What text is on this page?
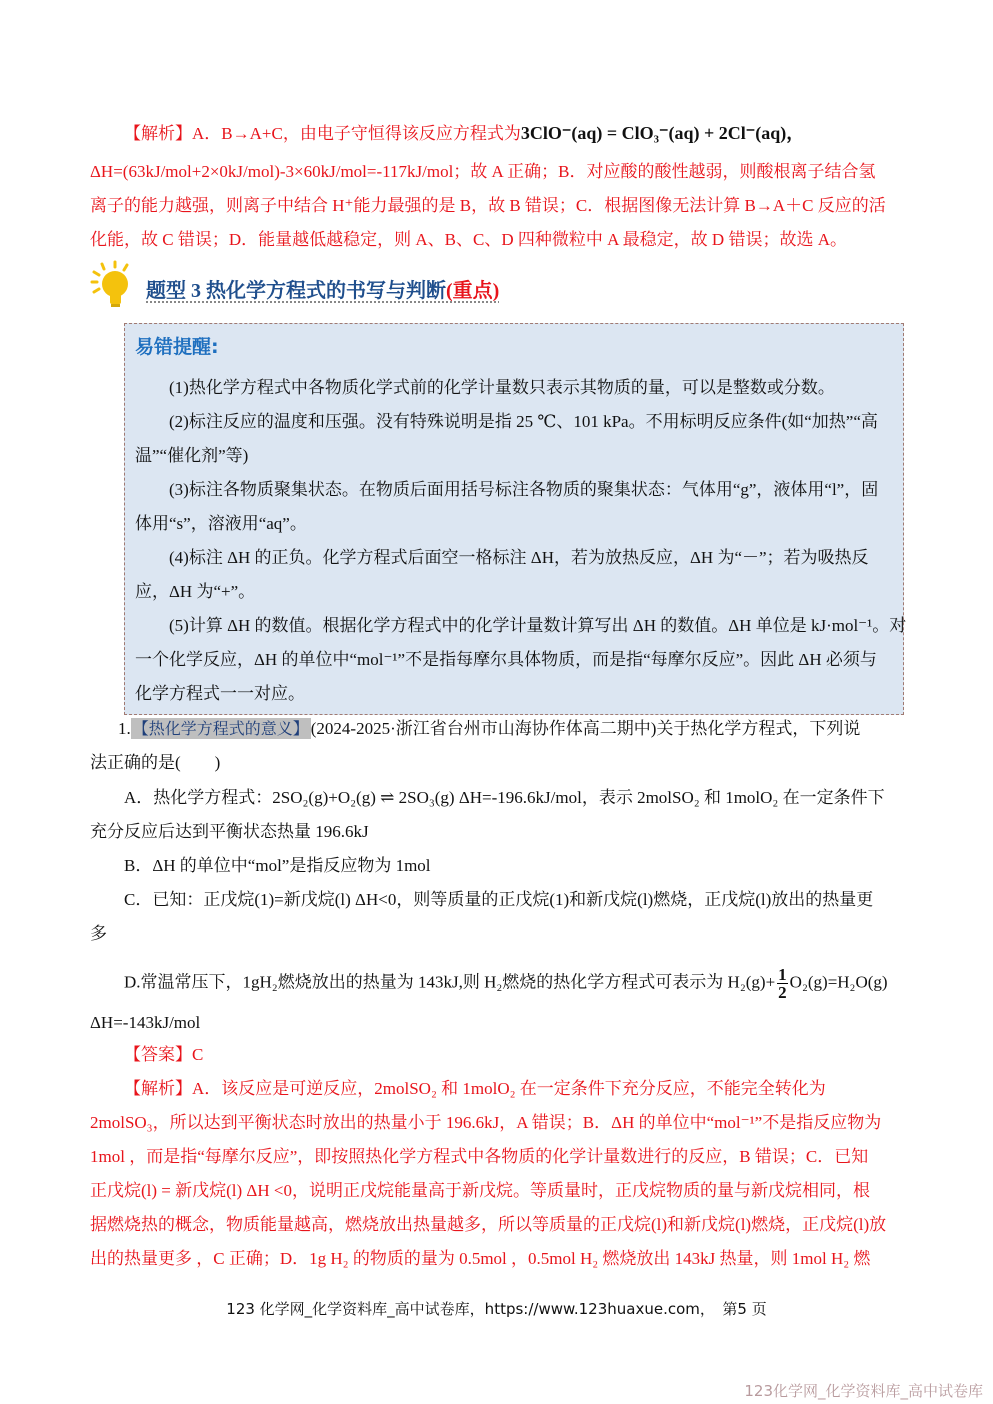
【解析】A．B→A+C，由电子守恒得该反应方程式为3ClO⁻(aq) = ClO₃⁻(aq) + 2Cl⁻(aq)，
ΔH=(63kJ/mol+2×0kJ/mol)-3×60kJ/mol=-117kJ/mol；故 A 正确；B．对应酸的酸性越弱，则酸根离子结合氢
离子的能力越强，则离子中结合 H⁺能力最强的是 B，故 B 错误；C．根据图像无法计算 B→A＋C 反应的活
化能，故 C 错误；D．能量越低越稳定，则 A、B、C、D 四种微粒中 A 最稳定，故 D 错误；故选 A。
题型 3 热化学方程式的书写与判断(重点)
易错提醒:
(1)热化学方程式中各物质化学式前的化学计量数只表示其物质的量，可以是整数或分数。
(2)标注反应的温度和压强。没有特殊说明是指 25 ℃、101 kPa。不用标明反应条件(如“加热”“高
温”“催化剂”等)
(3)标注各物质聚集状态。在物质后面用括号标注各物质的聚集状态：气体用“g”，液体用“l”，固
体用“s”，溶液用“aq”。
(4)标注 ΔH 的正负。化学方程式后面空一格标注 ΔH，若为放热反应，ΔH 为“－”；若为吸热反
应，ΔH 为“+”。
(5)计算 ΔH 的数值。根据化学方程式中的化学计量数计算写出 ΔH 的数值。ΔH 单位是 kJ·mol⁻¹。对
一个化学反应，ΔH 的单位中“mol⁻¹”不是指每摩尔具体物质，而是指“每摩尔反应”。因此 ΔH 必须与
化学方程式一一对应。
1. 【热化学方程式的意义】 (2024-2025·浙江省台州市山海协作体高二期中)关于热化学方程式，下列说
法正确的是(　　)
A．热化学方程式：2SO₂(g)+O₂(g) ⇌ 2SO₃(g) ΔH=-196.6kJ/mol，表示 2molSO₂ 和 1molO₂ 在一定条件下
充分反应后达到平衡状态热量 196.6kJ
B．ΔH 的单位中“mol”是指反应物为 1mol
C．已知：正戊烷(1)=新戊烷(l) ΔH<0，则等质量的正戊烷(1)和新戊烷(l)燃烧，正戊烷(l)放出的热量更
多
D.常温常压下，1gH₂燃烧放出的热量为 143kJ,则 H₂燃烧的热化学方程式可表示为 $H_2(g)+ \frac{1}{2} O_2(g)=H_2O(g)$
ΔH=-143kJ/mol
【答案】C
【解析】A．该反应是可逆反应，2molSO₂ 和 1molO₂ 在一定条件下充分反应，不能完全转化为
2molSO₃，所以达到平衡状态时放出的热量小于 196.6kJ，A 错误；B．ΔH 的单位中“mol⁻¹”不是指反应物为
1mol ，而是指“每摩尔反应”，即按照热化学方程式中各物质的化学计量数进行的反应，B 错误；C．已知
正戊烷(l) = 新戊烷(l) ΔH <0，说明正戊烷能量高于新戊烷。等质量时，正戊烷物质的量与新戊烷相同，根
据燃烧热的概念，物质能量越高，燃烧放出热量越多，所以等质量的正戊烷(l)和新戊烷(l)燃烧，正戊烷(l)放
出的热量更多 ，C 正确；D．1g H₂ 的物质的量为 0.5mol ，0.5mol H₂ 燃烧放出 143kJ 热量，则 1mol H₂ 燃
123 化学网_化学资料库_高中试卷库，https://www.123huaxue.com，　第5 页
123化学网_化学资料库_高中试卷库
